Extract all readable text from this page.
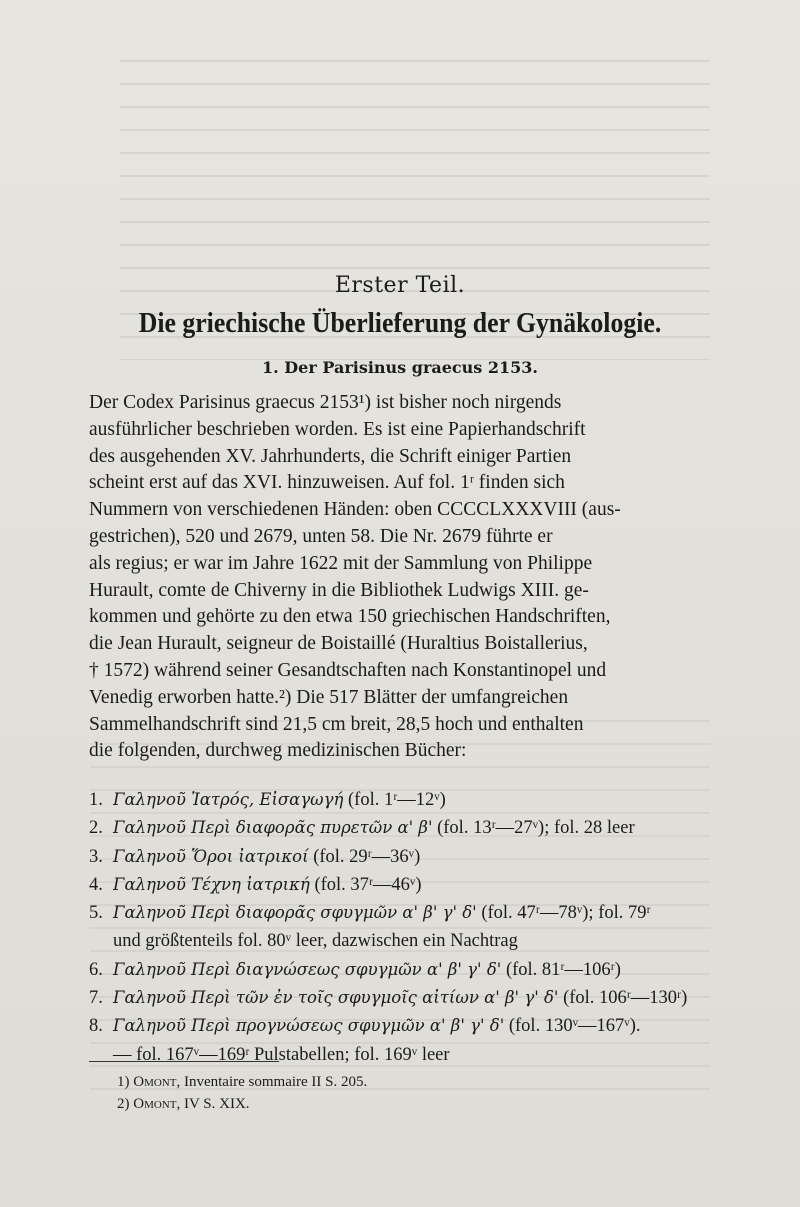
Erster Teil.
Die griechische Überlieferung der Gynäkologie.
1. Der Parisinus graecus 2153.
Der Codex Parisinus graecus 2153¹) ist bisher noch nirgends
ausführlicher beschrieben worden. Es ist eine Papierhandschrift
des ausgehenden XV. Jahrhunderts, die Schrift einiger Partien
scheint erst auf das XVI. hinzuweisen. Auf fol. 1ʳ finden sich
Nummern von verschiedenen Händen: oben CCCCLXXXVIII (aus-
gestrichen), 520 und 2679, unten 58. Die Nr. 2679 führte er
als regius; er war im Jahre 1622 mit der Sammlung von Philippe
Hurault, comte de Chiverny in die Bibliothek Ludwigs XIII. ge-
kommen und gehörte zu den etwa 150 griechischen Handschriften,
die Jean Hurault, seigneur de Boistaillé (Huraltius Boistallerius,
† 1572) während seiner Gesandtschaften nach Konstantinopel und
Venedig erworben hatte.²) Die 517 Blätter der umfangreichen
Sammelhandschrift sind 21,5 cm breit, 28,5 hoch und enthalten
die folgenden, durchweg medizinischen Bücher:
1. Γαληνοῦ Ἰατρός, Εἰσαγωγή (fol. 1ʳ—12ᵛ)
2. Γαληνοῦ Περὶ διαφορᾶς πυρετῶν α' β' (fol. 13ʳ—27ᵛ); fol. 28 leer
3. Γαληνοῦ Ὅροι ἰατρικοί (fol. 29ʳ—36ᵛ)
4. Γαληνοῦ Τέχνη ἰατρική (fol. 37ʳ—46ᵛ)
5. Γαληνοῦ Περὶ διαφορᾶς σφυγμῶν α' β' γ' δ' (fol. 47ʳ—78ᵛ); fol. 79ʳ
und größtenteils fol. 80ᵛ leer, dazwischen ein Nachtrag
6. Γαληνοῦ Περὶ διαγνώσεως σφυγμῶν α' β' γ' δ' (fol. 81ʳ—106ʳ)
7. Γαληνοῦ Περὶ τῶν ἐν τοῖς σφυγμοῖς αἰτίων α' β' γ' δ' (fol. 106ʳ—130ʳ)
8. Γαληνοῦ Περὶ προγνώσεως σφυγμῶν α' β' γ' δ' (fol. 130ᵛ—167ᵛ).
— fol. 167ᵛ—169ʳ Pulstabellen; fol. 169ᵛ leer
1) Omont, Inventaire sommaire II S. 205.
2) Omont, IV S. XIX.
